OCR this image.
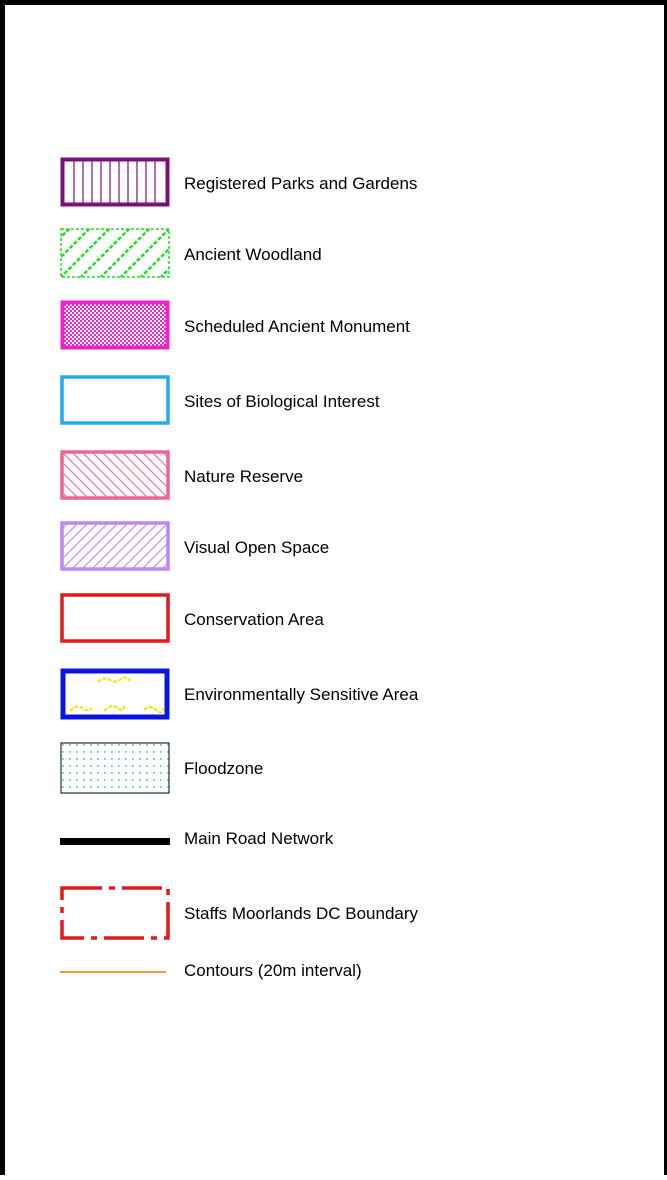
Registered Parks and Gardens
Ancient Woodland
Scheduled Ancient Monument
Sites of Biological Interest
Nature Reserve
Visual Open Space
Conservation Area
Environmentally Sensitive Area
Floodzone
Main Road Network
Staffs Moorlands DC Boundary
Contours (20m interval)
